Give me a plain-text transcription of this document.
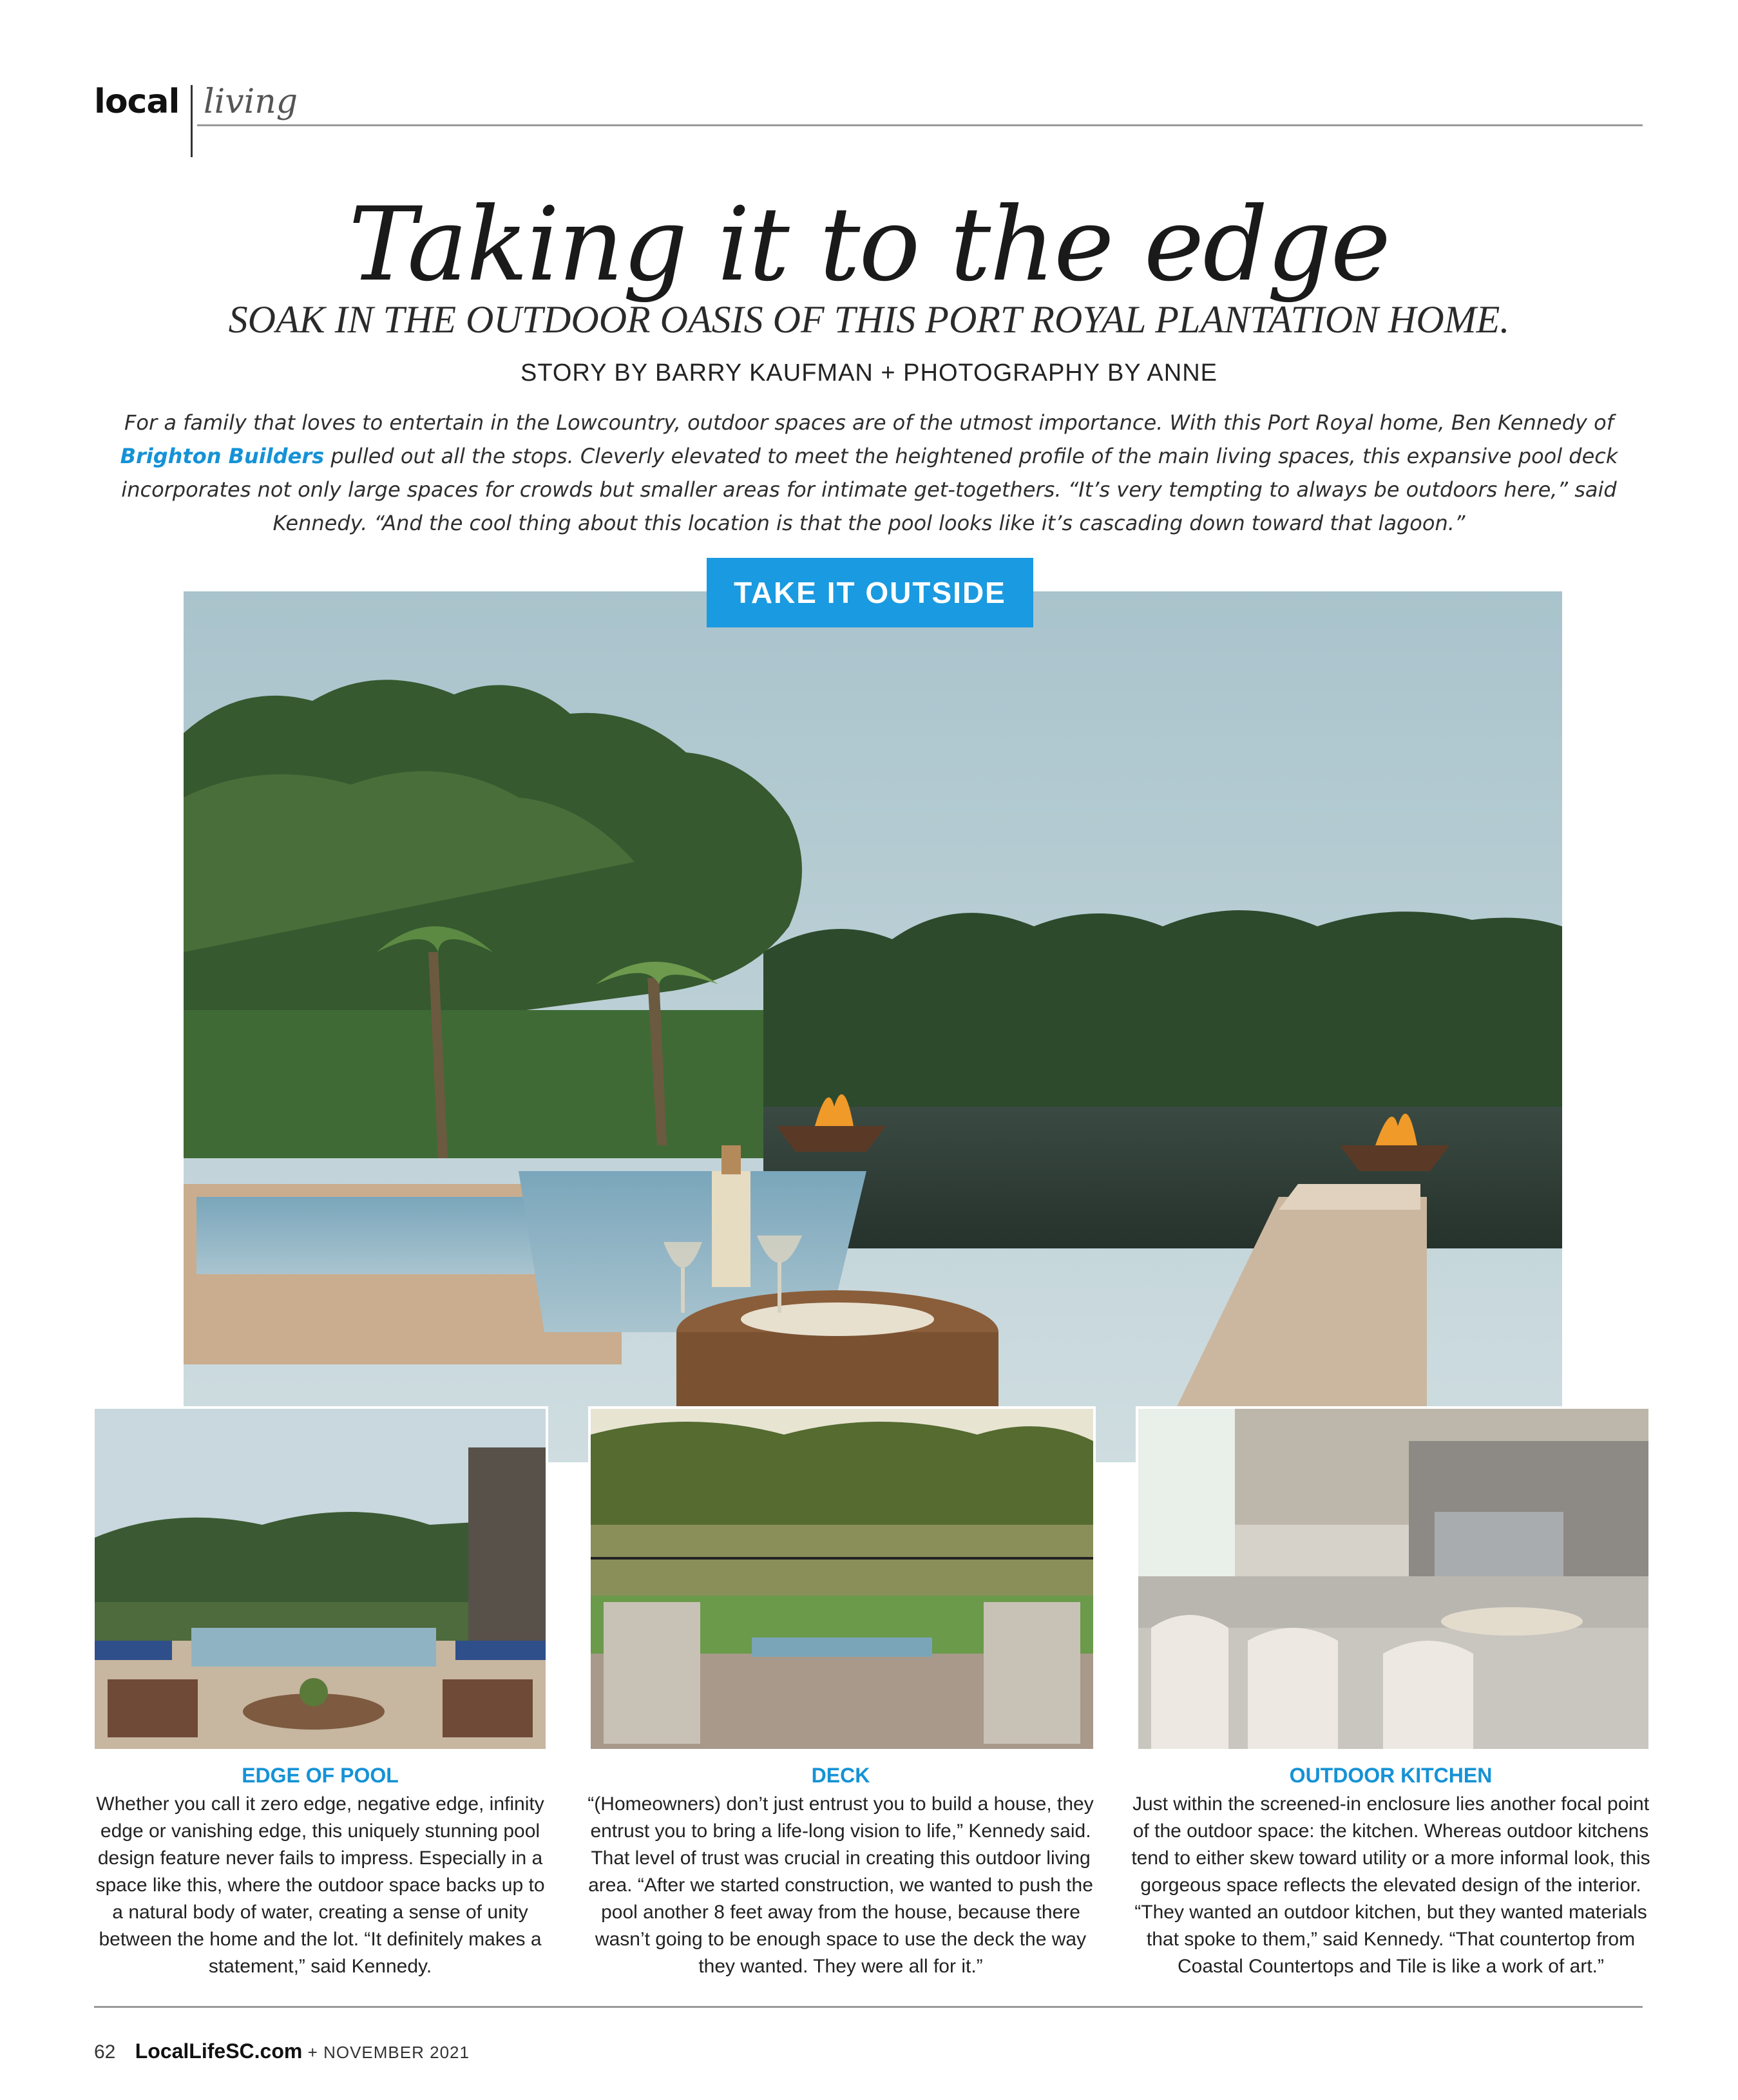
local living
Taking it to the edge
SOAK IN THE OUTDOOR OASIS OF THIS PORT ROYAL PLANTATION HOME.
STORY BY BARRY KAUFMAN + PHOTOGRAPHY BY ANNE

For a family that loves to entertain in the Lowcountry, outdoor spaces are of the utmost importance. With this Port Royal home, Ben Kennedy of Brighton Builders pulled out all the stops. Cleverly elevated to meet the heightened profile of the main living spaces, this expansive pool deck incorporates not only large spaces for crowds but smaller areas for intimate get-togethers. “It’s very tempting to always be outdoors here,” said Kennedy. “And the cool thing about this location is that the pool looks like it’s cascading down toward that lagoon.”

TAKE IT OUTSIDE
EDGE OF POOL
Whether you call it zero edge, negative edge, infinity edge or vanishing edge, this uniquely stunning pool design feature never fails to impress. Especially in a space like this, where the outdoor space backs up to a natural body of water, creating a sense of unity between the home and the lot. “It definitely makes a statement,” said Kennedy.
DECK
“(Homeowners) don’t just entrust you to build a house, they entrust you to bring a life-long vision to life,” Kennedy said. That level of trust was crucial in creating this outdoor living area. “After we started construction, we wanted to push the pool another 8 feet away from the house, because there wasn’t going to be enough space to use the deck the way they wanted. They were all for it.”
OUTDOOR KITCHEN
Just within the screened-in enclosure lies another focal point of the outdoor space: the kitchen. Whereas outdoor kitchens tend to either skew toward utility or a more informal look, this gorgeous space reflects the elevated design of the interior. “They wanted an outdoor kitchen, but they wanted materials that spoke to them,” said Kennedy. “That countertop from Coastal Countertops and Tile is like a work of art.”
62 LocalLifeSC.com + NOVEMBER 2021
